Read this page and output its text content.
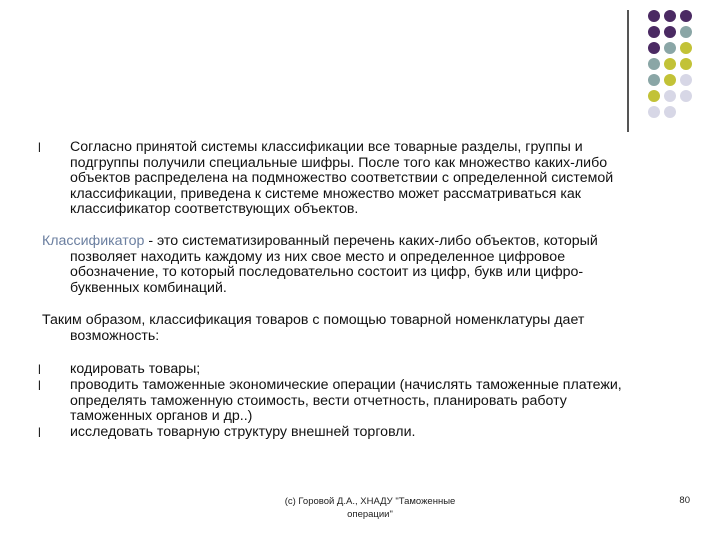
l Согласно принятой системы классификации все товарные разделы, группы и
подгруппы получили специальные шифры. После того как множество каких-либо
объектов распределена на подмножество соответствии с определенной системой
классификации, приведена к системе множество может рассматриваться как
классификатор соответствующих объектов.
Классификатор - это систематизированный перечень каких-либо объектов, который
позволяет находить каждому из них свое место и определенное цифровое
обозначение, то который последовательно состоит из цифр, букв или цифро-
буквенных комбинаций.
Таким образом, классификация товаров с помощью товарной номенклатуры дает
возможность:
l кодировать товары;
l проводить таможенные экономические операции (начислять таможенные платежи,
определять таможенную стоимость, вести отчетность, планировать работу
таможенных органов и др..)
l исследовать товарную структуру внешней торговли.
(c) Горовой Д.А., ХНАДУ "Таможенные
операции"
80
